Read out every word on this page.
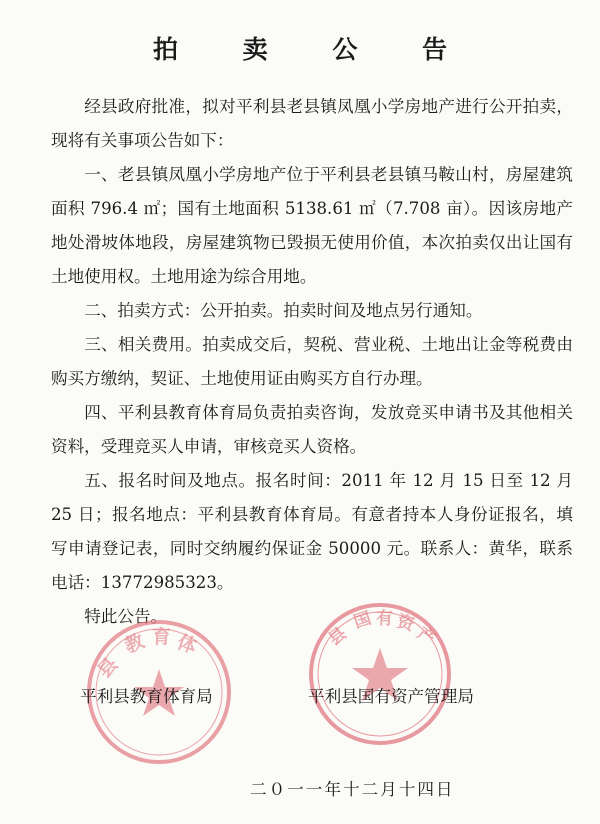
拍 卖 公 告

经县政府批准，拟对平利县老县镇凤凰小学房地产进行公开拍卖，现将有关事项公告如下：

一、老县镇凤凰小学房地产位于平利县老县镇马鞍山村，房屋建筑面积 796.4 ㎡；国有土地面积 5138.61 ㎡（7.708 亩）。因该房地产地处滑坡体地段，房屋建筑物已毁损无使用价值，本次拍卖仅出让国有土地使用权。土地用途为综合用地。

二、拍卖方式：公开拍卖。拍卖时间及地点另行通知。

三、相关费用。拍卖成交后，契税、营业税、土地出让金等税费由购买方缴纳，契证、土地使用证由购买方自行办理。

四、平利县教育体育局负责拍卖咨询，发放竞买申请书及其他相关资料，受理竞买人申请，审核竞买人资格。

五、报名时间及地点。报名时间：2011 年 12 月 15 日至 12 月 25 日；报名地点：平利县教育体育局。有意者持本人身份证报名，填写申请登记表，同时交纳履约保证金 50000 元。联系人：黄华，联系电话：13772985323。

特此公告。

县
教 育 体	县
国 有 资
产
平利县教育体育局	平利县国有资产管理局
二０一一年十二月十四日
